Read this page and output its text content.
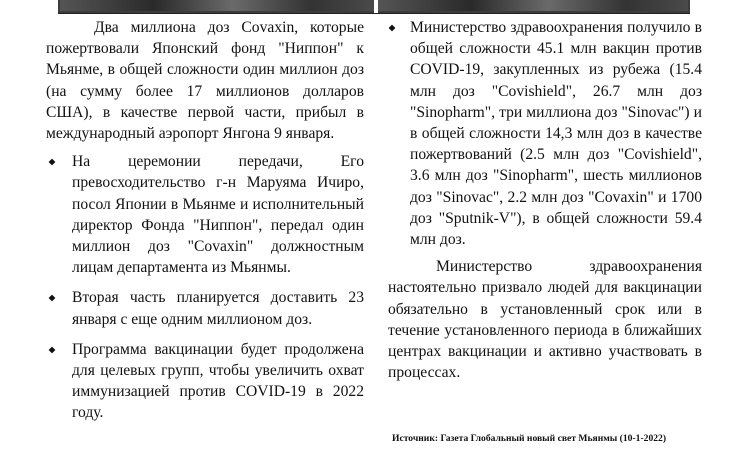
Два миллиона доз Covaxin, которые пожертвовали Японский фонд "Ниппон" к Мьянме, в общей сложности один миллион доз (на сумму более 17 миллионов долларов США), в качестве первой части, прибыл в международный аэропорт Янгона 9 января.

На церемонии передачи, Его превосходительство г-н Маруяма Ичиро, посол Японии в Мьянме и исполнительный директор Фонда "Ниппон", передал один миллион доз "Covaxin" должностным лицам департамента из Мьянмы.
Вторая часть планируется доставить 23 января с еще одним миллионом доз.
Программа вакцинации будет продолжена для целевых групп, чтобы увеличить охват иммунизацией против COVID-19 в 2022 году.
Министерство здравоохранения получило в общей сложности 45.1 млн вакцин против COVID-19, закупленных из рубежа (15.4 млн доз "Covishield", 26.7 млн доз "Sinopharm", три миллиона доз "Sinovac") и в общей сложности 14,3 млн доз в качестве пожертвований (2.5 млн доз "Covishield", 3.6 млн доз "Sinopharm", шесть миллионов доз "Sinovac", 2.2 млн доз "Covaxin" и 1700 доз "Sputnik-V"), в общей сложности 59.4 млн доз.

Министерство здравоохранения настоятельно призвало людей для вакцинации обязательно в установленный срок или в течение установленного периода в ближайших центрах вакцинации и активно участвовать в процессах.

Источник: Газета Глобальный новый свет Мьянмы (10-1-2022)
